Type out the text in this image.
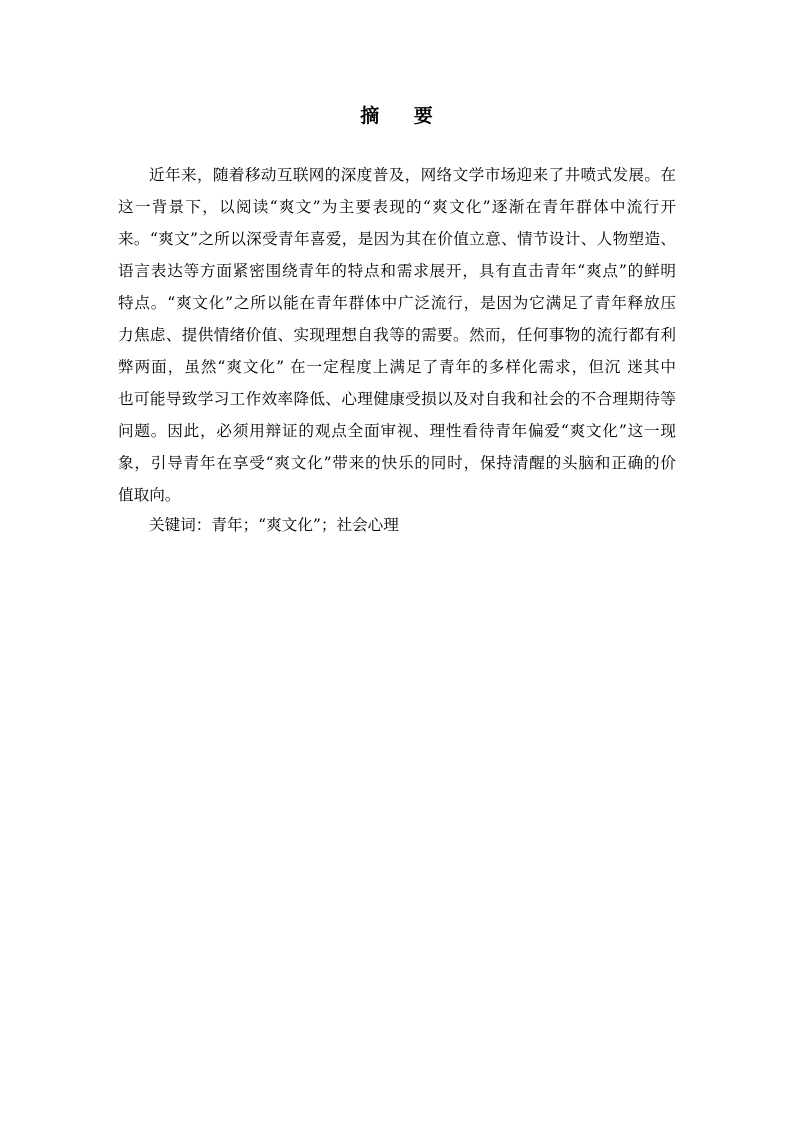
摘 要
近年来，随着移动互联网的深度普及，网络文学市场迎来了井喷式发展。在
这一背景下，以阅读“爽文”为主要表现的“爽文化”逐渐在青年群体中流行开
来。“爽文”之所以深受青年喜爱，是因为其在价值立意、情节设计、人物塑造、
语言表达等方面紧密围绕青年的特点和需求展开，具有直击青年“爽点”的鲜明
特点。“爽文化”之所以能在青年群体中广泛流行，是因为它满足了青年释放压
力焦虑、提供情绪价值、实现理想自我等的需要。然而，任何事物的流行都有利
弊两面，虽然“爽文化” 在一定程度上满足了青年的多样化需求，但沉 迷其中
也可能导致学习工作效率降低、心理健康受损以及对自我和社会的不合理期待等
问题。因此，必须用辩证的观点全面审视、理性看待青年偏爱“爽文化”这一现
象，引导青年在享受“爽文化”带来的快乐的同时，保持清醒的头脑和正确的价
值取向。
关键词：青年；“爽文化”；社会心理
